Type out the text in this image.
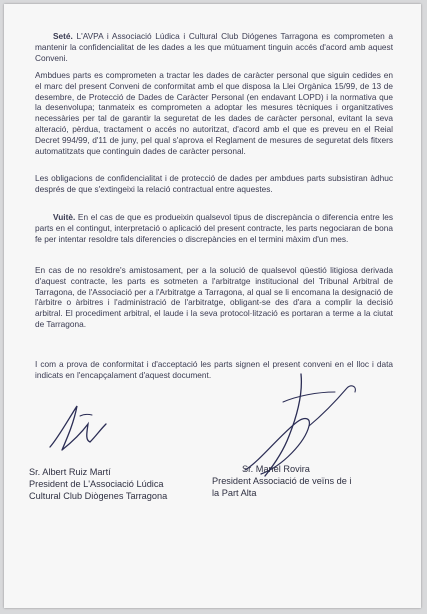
Seté. L'AVPA i Associació Lúdica i Cultural Club Diógenes Tarragona es comprometen a mantenir la confidencialitat de les dades a les que mútuament tinguin accés d'acord amb aquest Conveni.

Ambdues parts es comprometen a tractar les dades de caràcter personal que siguin cedides en el marc del present Conveni de conformitat amb el que disposa la Llei Orgànica 15/99, de 13 de desembre, de Protecció de Dades de Caràcter Personal (en endavant LOPD) i la normativa que la desenvolupa; tanmateix es comprometen a adoptar les mesures tècniques i organitzatives necessàries per tal de garantir la seguretat de les dades de caràcter personal, evitant la seva alteració, pèrdua, tractament o accés no autoritzat, d'acord amb el que es preveu en el Reial Decret 994/99, d'11 de juny, pel qual s'aprova el Reglament de mesures de seguretat dels fitxers automatitzats que continguin dades de caràcter personal.

Les obligacions de confidencialitat i de protecció de dades per ambdues parts subsistiran àdhuc després de que s'extingeixi la relació contractual entre aquestes.

Vuitè. En el cas de que es produeixin qualsevol tipus de discrepància o diferencia entre les parts en el contingut, interpretació o aplicació del present contracte, les parts negociaran de bona fe per intentar resoldre tals diferencies o discrepàncies en el termini màxim d'un mes.

En cas de no resoldre's amistosament, per a la solució de qualsevol qüestió litigiosa derivada d'aquest contracte, les parts es sotmeten a l'arbitratge institucional del Tribunal Arbitral de Tarragona, de l'Associació per a l'Arbitratge a Tarragona, al qual se li encomana la designació de l'àrbitre o àrbitres i l'administració de l'arbitratge, obligant-se des d'ara a complir la decisió arbitral. El procediment arbitral, el laude i la seva protocol·lització es portaran a terme a la ciutat de Tarragona.

I com a prova de conformitat i d'acceptació les parts signen el present conveni en el lloc i data indicats en l'encapçalament d'aquest document.

Sr. Albert Ruiz Martí
President de L'Associació Lúdica
Cultural Club Diògenes Tarragona
Sr. Manel Rovira
President Associació de veïns de i
la Part Alta
